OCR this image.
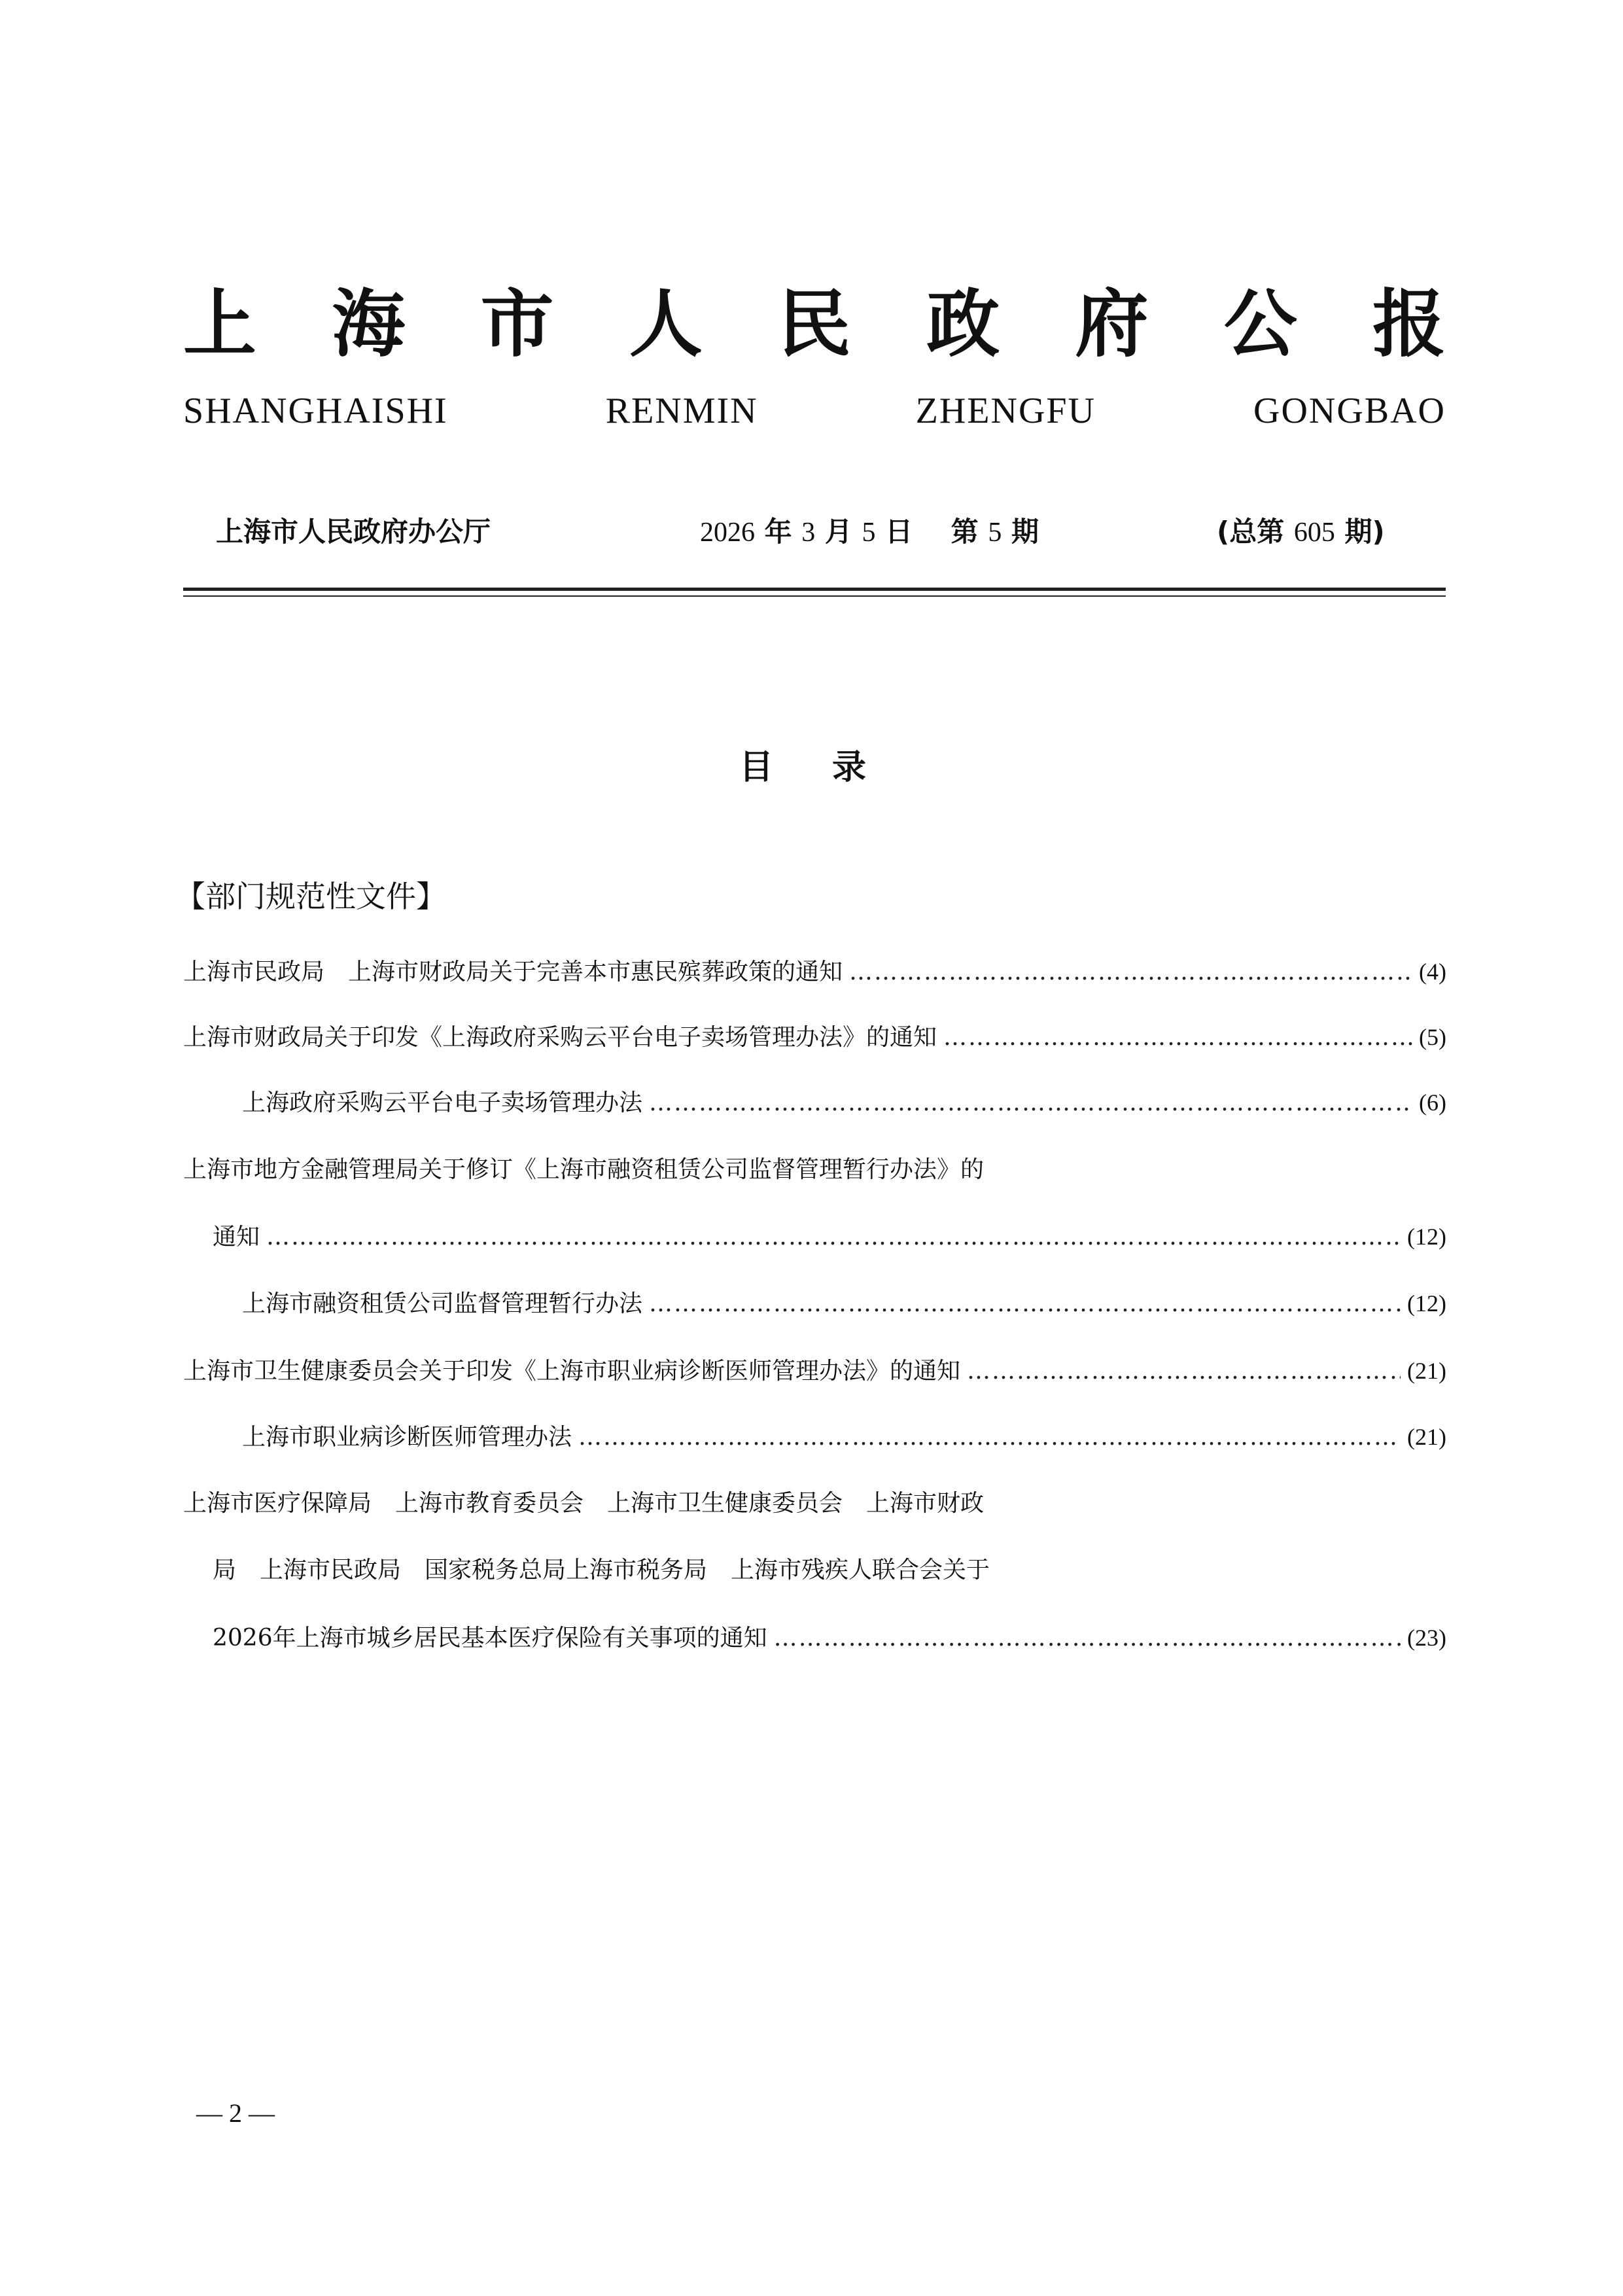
上 海 市 人 民 政 府 公 报
SHANGHAISHI	RENMIN	ZHENGFU	GONGBAO
上海市人民政府办公厅	2026 年 3 月 5 日 第 5 期	(总第 605 期)
目录
【部门规范性文件】
上海市民政局　上海市财政局关于完善本市惠民殡葬政策的通知 ……………………………………………………………………………………………………………………………………………………………………………………	(4)
上海市财政局关于印发《上海政府采购云平台电子卖场管理办法》的通知 ……………………………………………………………………………………………………………………………………………………………………………………	(5)
上海政府采购云平台电子卖场管理办法 ……………………………………………………………………………………………………………………………………………………………………………………	(6)
上海市地方金融管理局关于修订《上海市融资租赁公司监督管理暂行办法》的
通知 ……………………………………………………………………………………………………………………………………………………………………………………	(12)
上海市融资租赁公司监督管理暂行办法 ……………………………………………………………………………………………………………………………………………………………………………………	(12)
上海市卫生健康委员会关于印发《上海市职业病诊断医师管理办法》的通知 ……………………………………………………………………………………………………………………………………………………………………………………	(21)
上海市职业病诊断医师管理办法 ……………………………………………………………………………………………………………………………………………………………………………………	(21)
上海市医疗保障局　上海市教育委员会　上海市卫生健康委员会　上海市财政
局　上海市民政局　国家税务总局上海市税务局　上海市残疾人联合会关于
2026年上海市城乡居民基本医疗保险有关事项的通知 ……………………………………………………………………………………………………………………………………………………………………………………	(23)
— 2 —
